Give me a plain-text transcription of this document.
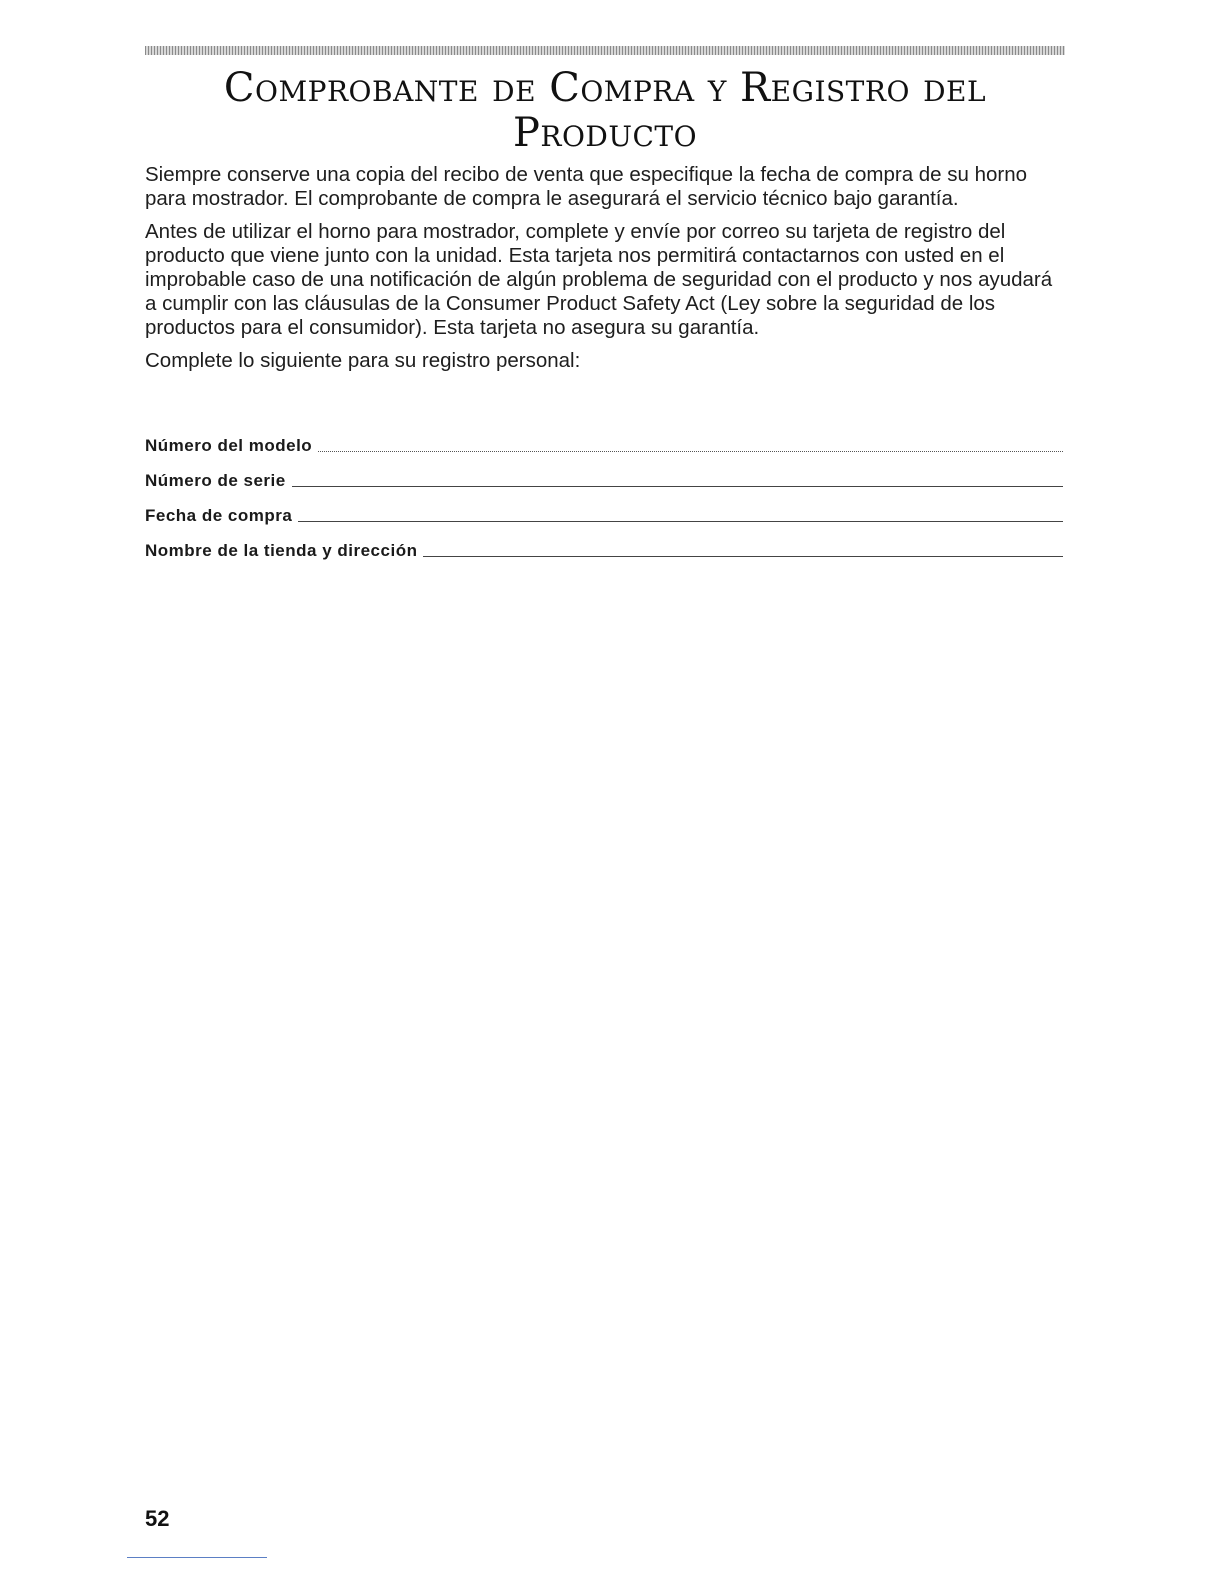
Comprobante de Compra y Registro del Producto

Siempre conserve una copia del recibo de venta que especifique la fecha de compra de su horno para mostrador. El comprobante de compra le asegurará el servicio técnico bajo garantía.

Antes de utilizar el horno para mostrador, complete y envíe por correo su tarjeta de registro del producto que viene junto con la unidad. Esta tarjeta nos permitirá contactarnos con usted en el improbable caso de una notificación de algún problema de seguridad con el producto y nos ayudará a cumplir con las cláusulas de la Consumer Product Safety Act (Ley sobre la seguridad de los productos para el consumidor). Esta tarjeta no asegura su garantía.

Complete lo siguiente para su registro personal:

Número del modelo
Número de serie
Fecha de compra
Nombre de la tienda y dirección
52
